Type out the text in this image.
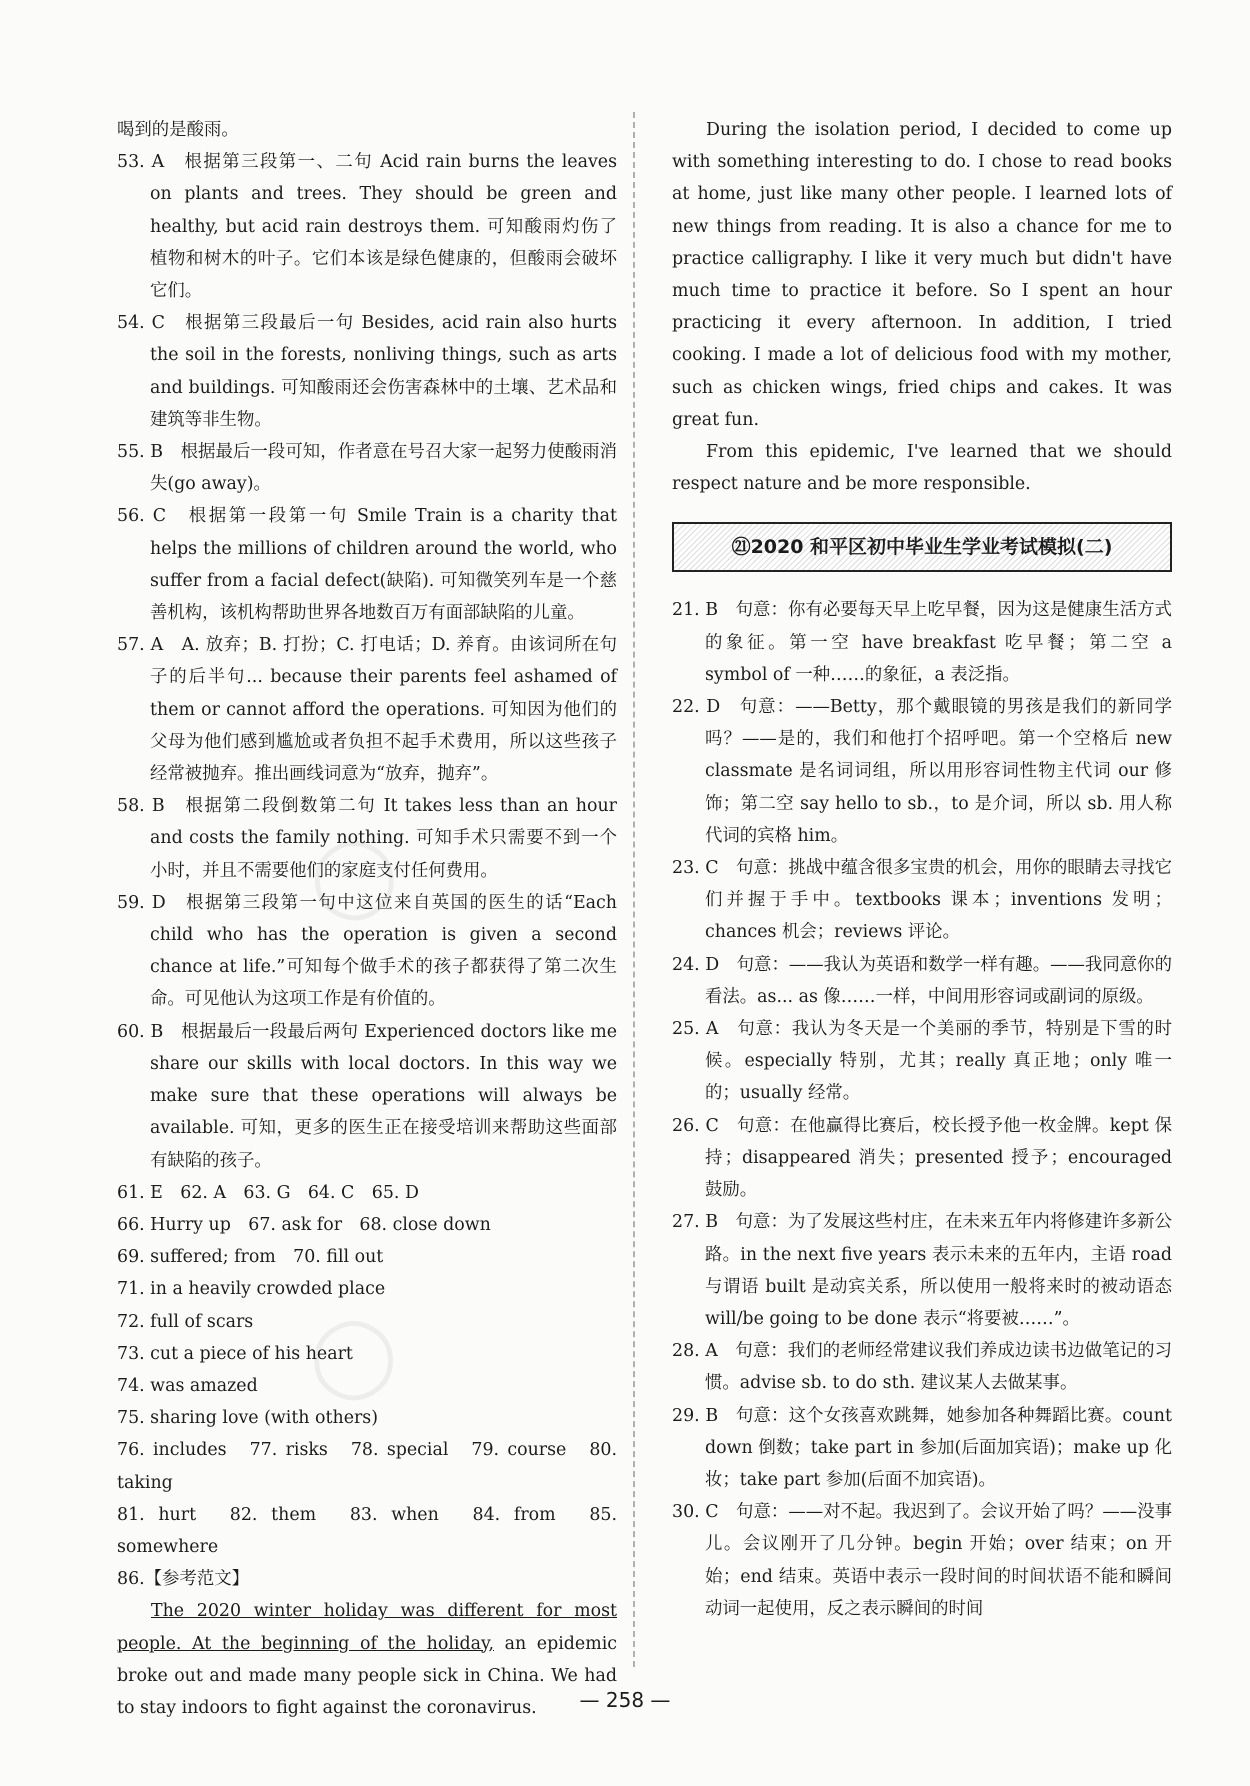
◯
◯
喝到的是酸雨。
53. A　根据第三段第一、二句 Acid rain burns the leaves on plants and trees. They should be green and healthy, but acid rain destroys them. 可知酸雨灼伤了植物和树木的叶子。它们本该是绿色健康的，但酸雨会破坏它们。
54. C　根据第三段最后一句 Besides, acid rain also hurts the soil in the forests, nonliving things, such as arts and buildings. 可知酸雨还会伤害森林中的土壤、艺术品和建筑等非生物。
55. B　根据最后一段可知，作者意在号召大家一起努力使酸雨消失(go away)。
56. C　根据第一段第一句 Smile Train is a charity that helps the millions of children around the world, who suffer from a facial defect(缺陷). 可知微笑列车是一个慈善机构，该机构帮助世界各地数百万有面部缺陷的儿童。
57. A　A. 放弃；B. 打扮；C. 打电话；D. 养育。由该词所在句子的后半句... because their parents feel ashamed of them or cannot afford the operations. 可知因为他们的父母为他们感到尴尬或者负担不起手术费用，所以这些孩子经常被抛弃。推出画线词意为“放弃，抛弃”。
58. B　根据第二段倒数第二句 It takes less than an hour and costs the family nothing. 可知手术只需要不到一个小时，并且不需要他们的家庭支付任何费用。
59. D　根据第三段第一句中这位来自英国的医生的话“Each child who has the operation is given a second chance at life.”可知每个做手术的孩子都获得了第二次生命。可见他认为这项工作是有价值的。
60. B　根据最后一段最后两句 Experienced doctors like me share our skills with local doctors. In this way we make sure that these operations will always be available. 可知，更多的医生正在接受培训来帮助这些面部有缺陷的孩子。
61. E　62. A　63. G　64. C　65. D
66. Hurry up　67. ask for　68. close down
69. suffered; from　70. fill out
71. in a heavily crowded place
72. full of scars
73. cut a piece of his heart
74. was amazed
75. sharing love (with others)
76. includes　77. risks　78. special　79. course　80. taking
81. hurt　82. them　83. when　84. from　85. somewhere
86.【参考范文】
The 2020 winter holiday was different for most people. At the beginning of the holiday, an epidemic broke out and made many people sick in China. We had to stay indoors to fight against the coronavirus.
During the isolation period, I decided to come up with something interesting to do. I chose to read books at home, just like many other people. I learned lots of new things from reading. It is also a chance for me to practice calligraphy. I like it very much but didn't have much time to practice it before. So I spent an hour practicing it every afternoon. In addition, I tried cooking. I made a lot of delicious food with my mother, such as chicken wings, fried chips and cakes. It was great fun.
From this epidemic, I've learned that we should respect nature and be more responsible.
㉑2020 和平区初中毕业生学业考试模拟(二)
21. B　句意：你有必要每天早上吃早餐，因为这是健康生活方式的象征。第一空 have breakfast 吃早餐；第二空 a symbol of 一种……的象征，a 表泛指。
22. D　句意：——Betty，那个戴眼镜的男孩是我们的新同学吗？——是的，我们和他打个招呼吧。第一个空格后 new classmate 是名词词组，所以用形容词性物主代词 our 修饰；第二空 say hello to sb.，to 是介词，所以 sb. 用人称代词的宾格 him。
23. C　句意：挑战中蕴含很多宝贵的机会，用你的眼睛去寻找它们并握于手中。textbooks 课本；inventions 发明；chances 机会；reviews 评论。
24. D　句意：——我认为英语和数学一样有趣。——我同意你的看法。as... as 像……一样，中间用形容词或副词的原级。
25. A　句意：我认为冬天是一个美丽的季节，特别是下雪的时候。especially 特别，尤其；really 真正地；only 唯一的；usually 经常。
26. C　句意：在他赢得比赛后，校长授予他一枚金牌。kept 保持；disappeared 消失；presented 授予；encouraged 鼓励。
27. B　句意：为了发展这些村庄，在未来五年内将修建许多新公路。in the next five years 表示未来的五年内，主语 road 与谓语 built 是动宾关系，所以使用一般将来时的被动语态 will/be going to be done 表示“将要被……”。
28. A　句意：我们的老师经常建议我们养成边读书边做笔记的习惯。advise sb. to do sth. 建议某人去做某事。
29. B　句意：这个女孩喜欢跳舞，她参加各种舞蹈比赛。count down 倒数；take part in 参加(后面加宾语)；make up 化妆；take part 参加(后面不加宾语)。
30. C　句意：——对不起。我迟到了。会议开始了吗？——没事儿。会议刚开了几分钟。begin 开始；over 结束；on 开始；end 结束。英语中表示一段时间的时间状语不能和瞬间动词一起使用，反之表示瞬间的时间
— 258 —
